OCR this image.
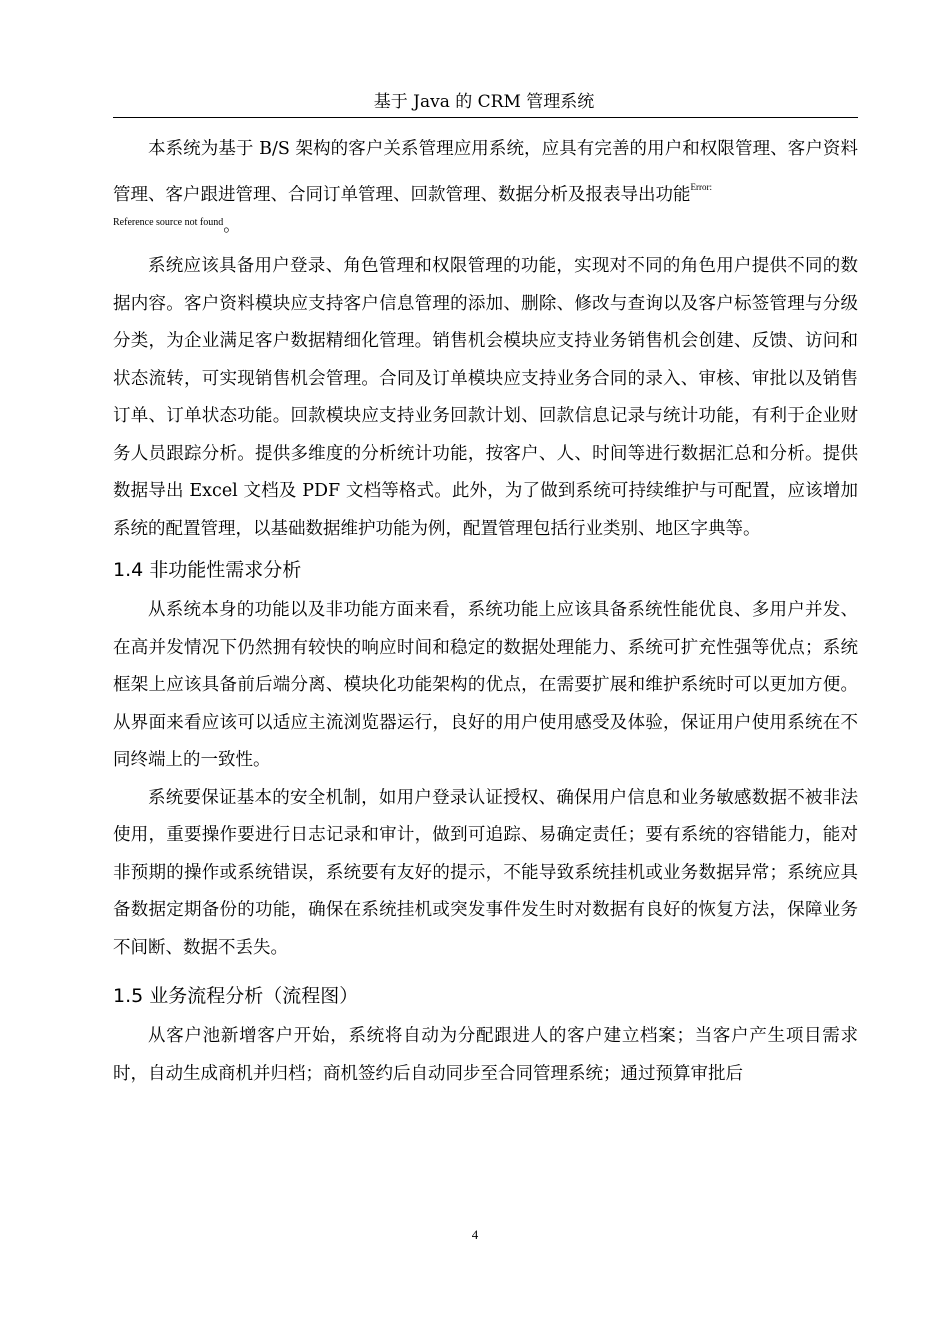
基于 Java 的 CRM 管理系统

本系统为基于 B/S 架构的客户关系管理应用系统，应具有完善的用户和权限管理、客户资料管理、客户跟进管理、合同订单管理、回款管理、数据分析及报表导出功能$^{Error:}$

Reference source not found。

系统应该具备用户登录、角色管理和权限管理的功能，实现对不同的角色用户提供不同的数据内容。客户资料模块应支持客户信息管理的添加、删除、修改与查询以及客户标签管理与分级分类，为企业满足客户数据精细化管理。销售机会模块应支持业务销售机会创建、反馈、访问和状态流转，可实现销售机会管理。合同及订单模块应支持业务合同的录入、审核、审批以及销售订单、订单状态功能。回款模块应支持业务回款计划、回款信息记录与统计功能，有利于企业财务人员跟踪分析。提供多维度的分析统计功能，按客户、人、时间等进行数据汇总和分析。提供数据导出 Excel 文档及 PDF 文档等格式。此外，为了做到系统可持续维护与可配置，应该增加系统的配置管理，以基础数据维护功能为例，配置管理包括行业类别、地区字典等。

1.4 非功能性需求分析

从系统本身的功能以及非功能方面来看，系统功能上应该具备系统性能优良、多用户并发、在高并发情况下仍然拥有较快的响应时间和稳定的数据处理能力、系统可扩充性强等优点；系统框架上应该具备前后端分离、模块化功能架构的优点，在需要扩展和维护系统时可以更加方便。从界面来看应该可以适应主流浏览器运行，良好的用户使用感受及体验，保证用户使用系统在不同终端上的一致性。

系统要保证基本的安全机制，如用户登录认证授权、确保用户信息和业务敏感数据不被非法使用，重要操作要进行日志记录和审计，做到可追踪、易确定责任；要有系统的容错能力，能对非预期的操作或系统错误，系统要有友好的提示，不能导致系统挂机或业务数据异常；系统应具备数据定期备份的功能，确保在系统挂机或突发事件发生时对数据有良好的恢复方法，保障业务不间断、数据不丢失。

1.5 业务流程分析（流程图）

从客户池新增客户开始，系统将自动为分配跟进人的客户建立档案；当客户产生项目需求时，自动生成商机并归档；商机签约后自动同步至合同管理系统；通过预算审批后

4
